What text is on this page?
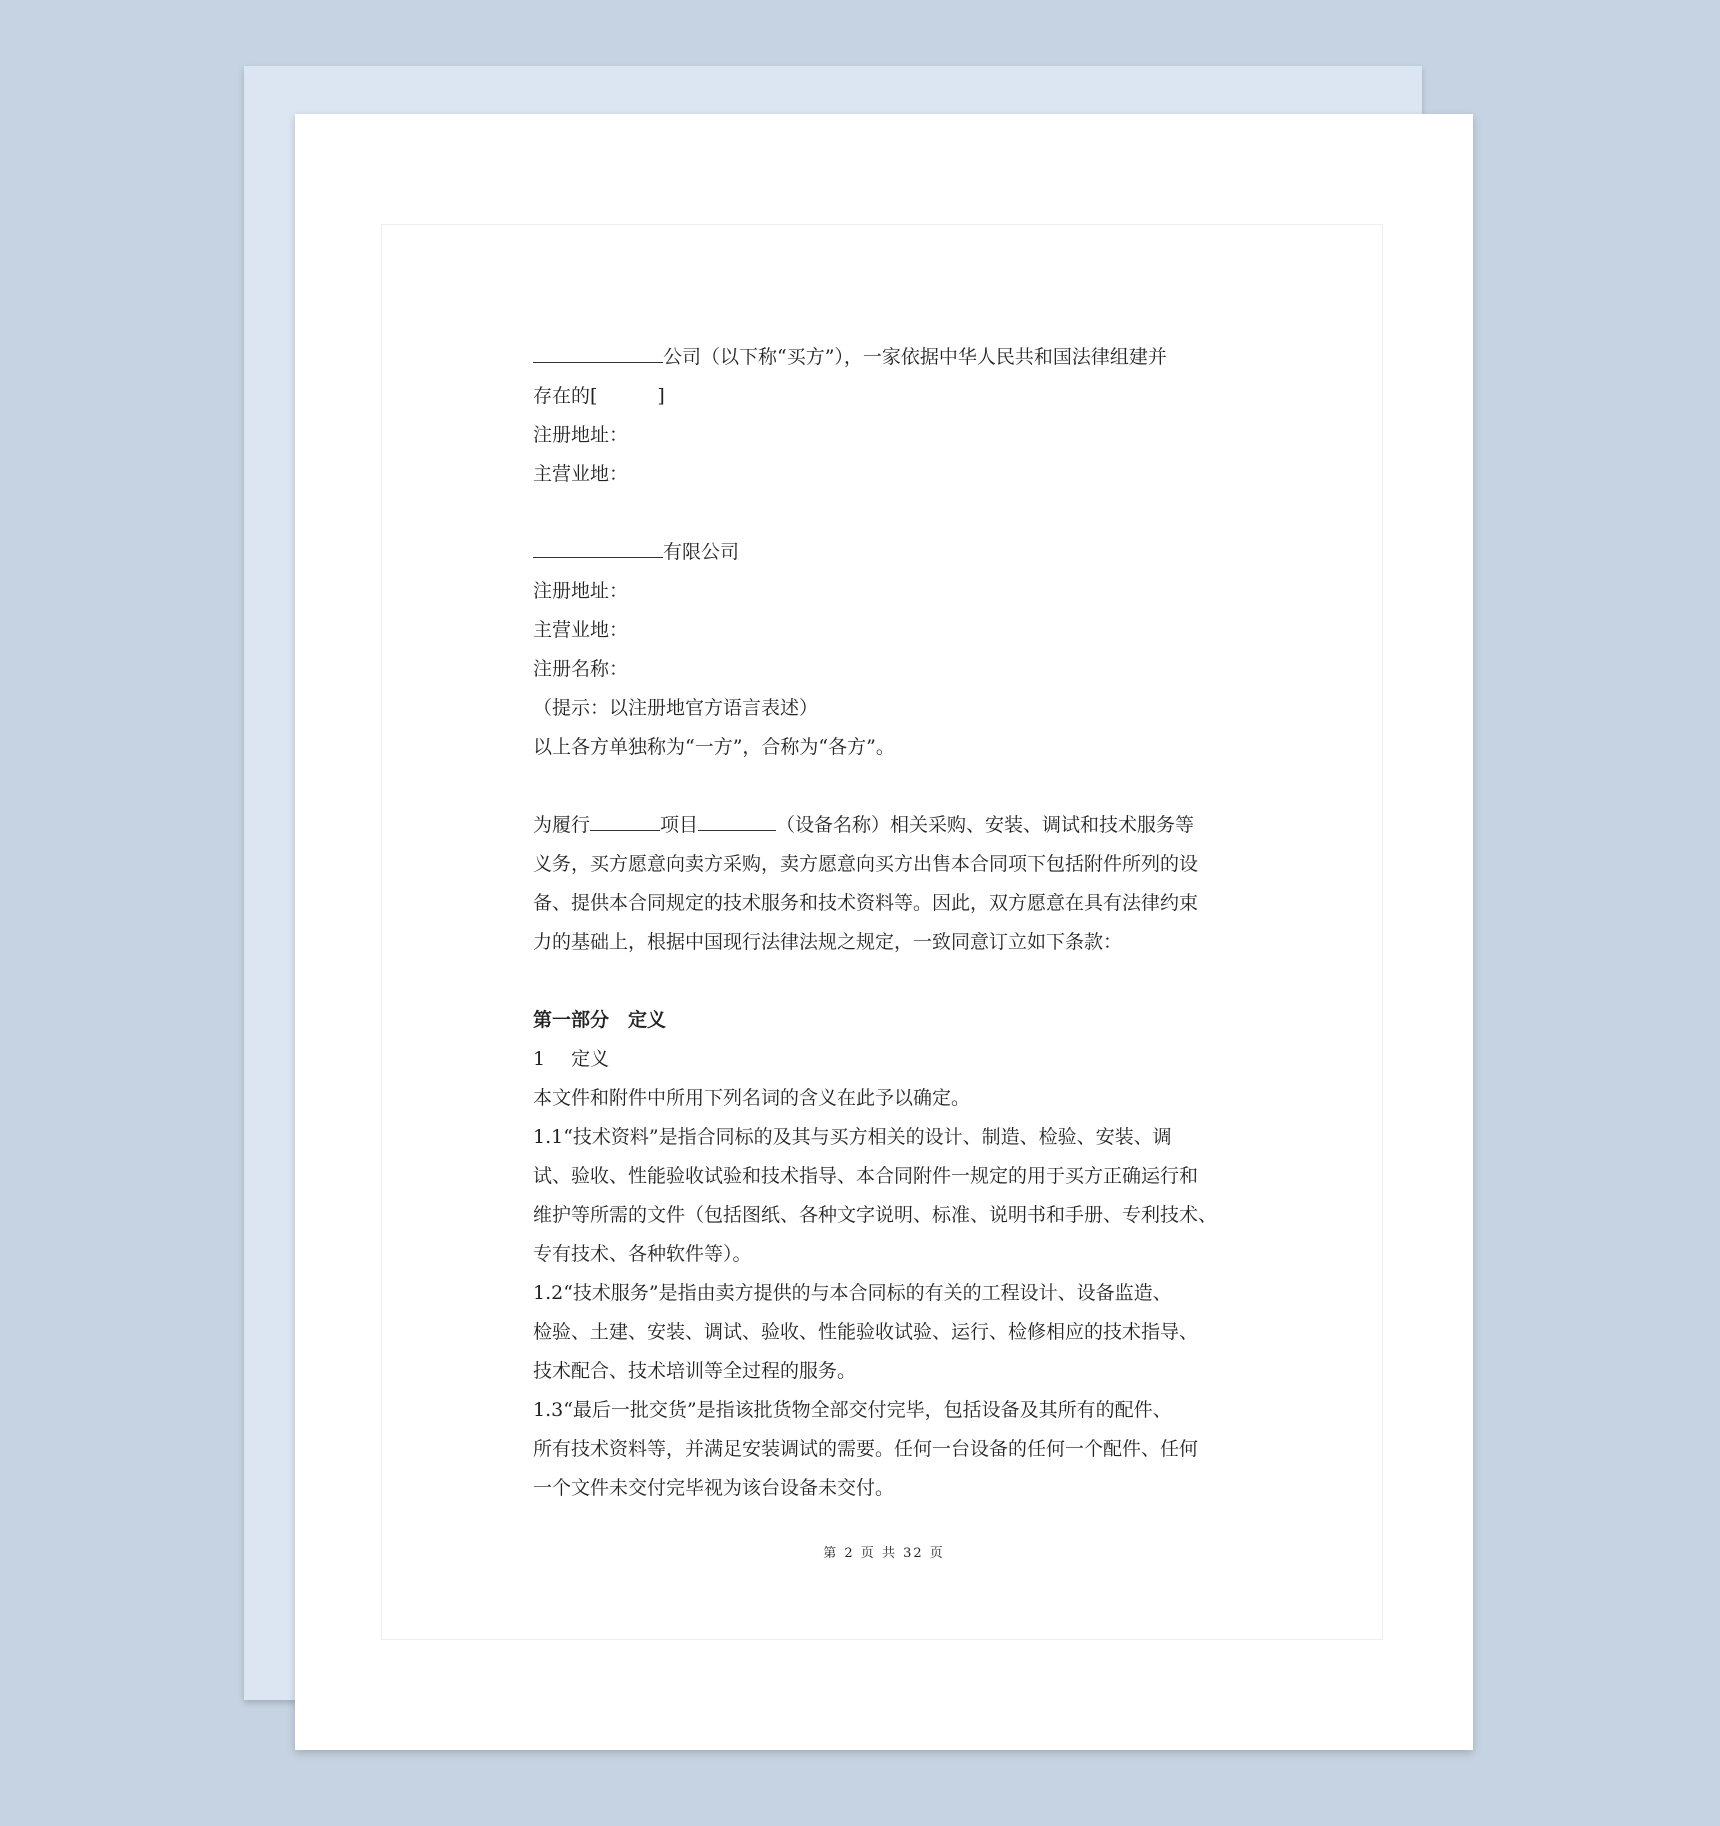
公司（以下称“买方”），一家依据中华人民共和国法律组建并
存在的[	]
注册地址：
主营业地：
有限公司
注册地址：
主营业地：
注册名称：
（提示：以注册地官方语言表述）
以上各方单独称为“一方”，合称为“各方”。
为履行	项目	（设备名称）相关采购、安装、调试和技术服务等
义务，买方愿意向卖方采购，卖方愿意向买方出售本合同项下包括附件所列的设
备、提供本合同规定的技术服务和技术资料等。因此，双方愿意在具有法律约束
力的基础上，根据中国现行法律法规之规定，一致同意订立如下条款：
第一部分　定义
1 定义
本文件和附件中所用下列名词的含义在此予以确定。
1.1“技术资料”是指合同标的及其与买方相关的设计、制造、检验、安装、调
试、验收、性能验收试验和技术指导、本合同附件一规定的用于买方正确运行和
维护等所需的文件（包括图纸、各种文字说明、标准、说明书和手册、专利技术、
专有技术、各种软件等）。
1.2“技术服务”是指由卖方提供的与本合同标的有关的工程设计、设备监造、
检验、土建、安装、调试、验收、性能验收试验、运行、检修相应的技术指导、
技术配合、技术培训等全过程的服务。
1.3“最后一批交货”是指该批货物全部交付完毕，包括设备及其所有的配件、
所有技术资料等，并满足安装调试的需要。任何一台设备的任何一个配件、任何
一个文件未交付完毕视为该台设备未交付。
第 2 页 共 32 页
